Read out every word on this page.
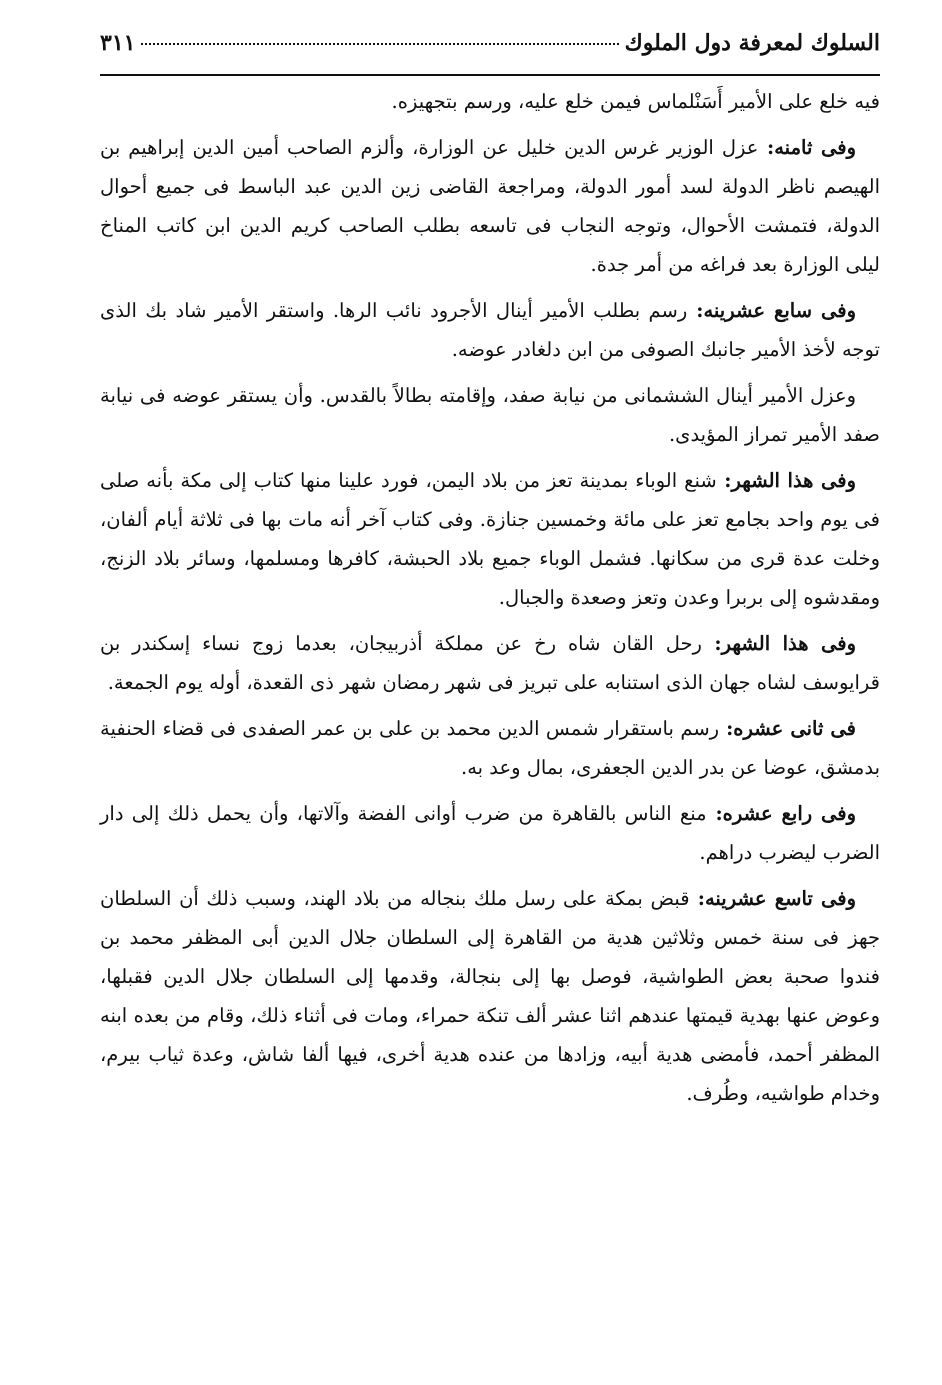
السلوك لمعرفة دول الملوك
٣١١

فيه خلع على الأمير أَسَنْلماس فيمن خلع عليه، ورسم بتجهيزه.

وفى ثامنه: عزل الوزير غرس الدين خليل عن الوزارة، وألزم الصاحب أمين الدين إبراهيم بن الهيصم ناظر الدولة لسد أمور الدولة، ومراجعة القاضى زين الدين عبد الباسط فى جميع أحوال الدولة، فتمشت الأحوال، وتوجه النجاب فى تاسعه بطلب الصاحب كريم الدين ابن كاتب المناخ ليلى الوزارة بعد فراغه من أمر جدة.

وفى سابع عشرينه: رسم بطلب الأمير أينال الأجرود نائب الرها. واستقر الأمير شاد بك الذى توجه لأخذ الأمير جانبك الصوفى من ابن دلغادر عوضه.

وعزل الأمير أينال الششمانى من نيابة صفد، وإقامته بطالاً بالقدس. وأن يستقر عوضه فى نيابة صفد الأمير تمراز المؤيدى.

وفى هذا الشهر: شنع الوباء بمدينة تعز من بلاد اليمن، فورد علينا منها كتاب إلى مكة بأنه صلى فى يوم واحد بجامع تعز على مائة وخمسين جنازة. وفى كتاب آخر أنه مات بها فى ثلاثة أيام ألفان، وخلت عدة قرى من سكانها. فشمل الوباء جميع بلاد الحبشة، كافرها ومسلمها، وسائر بلاد الزنج، ومقدشوه إلى بربرا وعدن وتعز وصعدة والجبال.

وفى هذا الشهر: رحل القان شاه رخ عن مملكة أذربيجان، بعدما زوج نساء إسكندر بن قرايوسف لشاه جهان الذى استنابه على تبريز فى شهر رمضان شهر ذى القعدة، أوله يوم الجمعة.

فى ثانى عشره: رسم باستقرار شمس الدين محمد بن على بن عمر الصفدى فى قضاء الحنفية بدمشق، عوضا عن بدر الدين الجعفرى، بمال وعد به.

وفى رابع عشره: منع الناس بالقاهرة من ضرب أوانى الفضة وآلاتها، وأن يحمل ذلك إلى دار الضرب ليضرب دراهم.

وفى تاسع عشرينه: قبض بمكة على رسل ملك بنجاله من بلاد الهند، وسبب ذلك أن السلطان جهز فى سنة خمس وثلاثين هدية من القاهرة إلى السلطان جلال الدين أبى المظفر محمد بن فندوا صحبة بعض الطواشية، فوصل بها إلى بنجالة، وقدمها إلى السلطان جلال الدين فقبلها، وعوض عنها بهدية قيمتها عندهم اثنا عشر ألف تنكة حمراء، ومات فى أثناء ذلك، وقام من بعده ابنه المظفر أحمد، فأمضى هدية أبيه، وزادها من عنده هدية أخرى، فيها ألفا شاش، وعدة ثياب بيرم، وخدام طواشيه، وطُرف.
